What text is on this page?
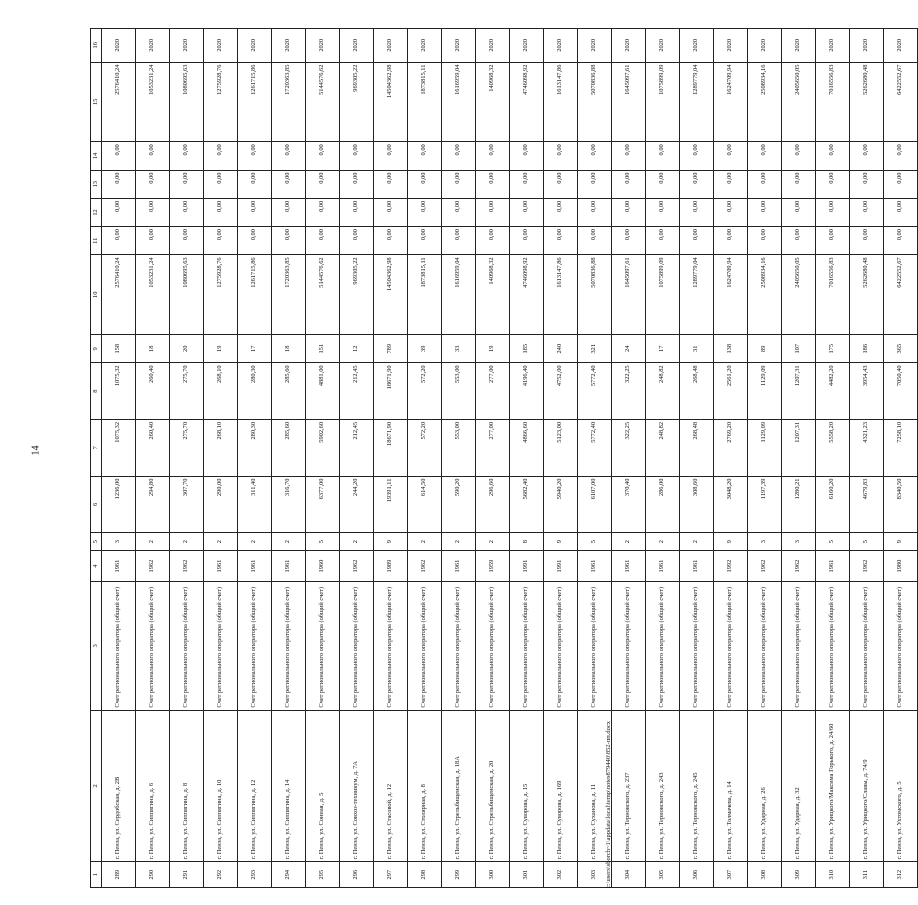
14
1	2	3	4	5	6	7	8	9	10	11	12	13	14	15	16
289	г. Пенза, ул. Сердобская, д. 2В	Счет регионального оператора (общий счет)	1961	3	1236,00	1075,32	1075,32	158	2576410,24	0,00	0,00	0,00	0,00	2576410,24	2020
290	г. Пенза, ул. Сиппягина, д. 6	Счет регионального оператора (общий счет)	1962	2	294,80	260,40	260,40	18	1053231,24	0,00	0,00	0,00	0,00	1053231,24	2020
291	г. Пенза, ул. Сиппягина, д. 8	Счет регионального оператора (общий счет)	1962	2	307,70	275,70	275,70	20	1080695,63	0,00	0,00	0,00	0,00	1080695,63	2020
292	г. Пенза, ул. Сиппягина, д. 10	Счет регионального оператора (общий счет)	1961	2	290,00	268,10	268,10	19	1275928,76	0,00	0,00	0,00	0,00	1275928,76	2020
293	г. Пенза, ул. Сиппягина, д. 12	Счет регионального оператора (общий счет)	1961	2	311,40	280,30	280,30	17	1261715,86	0,00	0,00	0,00	0,00	1261715,86	2020
294	г. Пенза, ул. Сиппягина, д. 14	Счет регионального оператора (общий счет)	1961	2	316,70	285,60	285,60	18	1720363,85	0,00	0,00	0,00	0,00	1720363,85	2020
295	г. Пенза, ул. Сонная, д. 5	Счет регионального оператора (общий счет)	1960	5	6377,00	5902,60	4881,00	151	5144576,62	0,00	0,00	0,00	0,00	5144576,62	2020
296	г. Пенза, ул. Совхоз-техникум, д. 7А	Счет регионального оператора (общий счет)	1962	2	244,20	212,45	212,45	12	969305,22	0,00	0,00	0,00	0,00	969305,22	2020
297	г. Пенза, ул. Стасовой, д. 12	Счет регионального оператора (общий счет)	1989	9	19391,11	18671,90	18671,90	789	14504362,98	0,00	0,00	0,00	0,00	14504362,98	2020
298	г. Пенза, ул. Столярная, д. 8	Счет регионального оператора (общий счет)	1962	2	614,50	572,20	572,20	39	1873815,11	0,00	0,00	0,00	0,00	1873815,11	2020
299	г. Пенза, ул. Стрельбищенская, д. 18А	Счет регионального оператора (общий счет)	1961	2	590,20	553,00	553,00	33	1616959,04	0,00	0,00	0,00	0,00	1616959,04	2020
300	г. Пенза, ул. Стрельбищенская, д. 20	Счет регионального оператора (общий счет)	1959	2	296,60	277,00	277,00	19	140968,32	0,00	0,00	0,00	0,00	140968,32	2020
301	г. Пенза, ул. Суворова, д. 15	Счет регионального оператора (общий счет)	1991	8	5682,40	4866,60	4196,40	185	4746098,92	0,00	0,00	0,00	0,00	4746098,92	2020
302	г. Пенза, ул. Суворова, д. 169	Счет регионального оператора (общий счет)	1991	9	5940,20	5123,00	4752,00	240	1613147,86	0,00	0,00	0,00	0,00	1613147,86	2020
303	г. Пенза, ул. Суханова, д. 11	Счет регионального оператора (общий счет)	1961	5	6107,00	5772,40	5772,40	321	5070836,88	0,00	0,00	0,00	0,00	5070836,88	2020
304	г. Пенза, ул. Терновского, д. 237	Счет регионального оператора (общий счет)	1961	2	370,40	322,25	322,25	24	1645097,61	0,00	0,00	0,00	0,00	1645097,61	2020
305	г. Пенза, ул. Терновского, д. 243	Счет регионального оператора (общий счет)	1961	2	286,00	248,82	248,82	17	1075899,09	0,00	0,00	0,00	0,00	1075899,09	2020
306	г. Пенза, ул. Терновского, д. 245	Счет регионального оператора (общий счет)	1961	2	308,60	268,48	268,48	31	1289779,04	0,00	0,00	0,00	0,00	1289779,04	2020
307	г. Пенза, ул. Толмачева, д. 14	Счет регионального оператора (общий счет)	1992	9	3048,20	2769,20	2561,20	138	1624709,94	0,00	0,00	0,00	0,00	1624709,94	2020
308	г. Пенза, ул. Ударная, д. 26	Счет регионального оператора (общий счет)	1962	3	1197,39	1129,09	1129,09	89	2508934,16	0,00	0,00	0,00	0,00	2508934,16	2020
309	г. Пенза, ул. Ударная, д. 32	Счет регионального оператора (общий счет)	1962	3	1280,21	1207,31	1207,31	107	2405650,05	0,00	0,00	0,00	0,00	2405650,05	2020
310	г. Пенза, ул. Урицкого/Максима Горького, д. 24/60	Счет регионального оператора (общий счет)	1961	5	6160,20	5558,20	4482,20	175	7016556,83	0,00	0,00	0,00	0,00	7016556,83	2020
311	г. Пенза, ул. Урицкого/Славы, д. 74/9	Счет регионального оператора (общий счет)	1962	5	4679,83	4321,23	3954,43	186	5262680,48	0,00	0,00	0,00	0,00	5262680,48	2020
312	г. Пенза, ул. Ухтомского, д. 5	Счет регионального оператора (общий счет)	1980	9	8340,50	7258,10	7050,40	365	6422552,67	0,00	0,00	0,00	0,00	6422552,67	2020
c:\users\sborch~1\appdata\local\temp\notes879440\852-пп.docx
